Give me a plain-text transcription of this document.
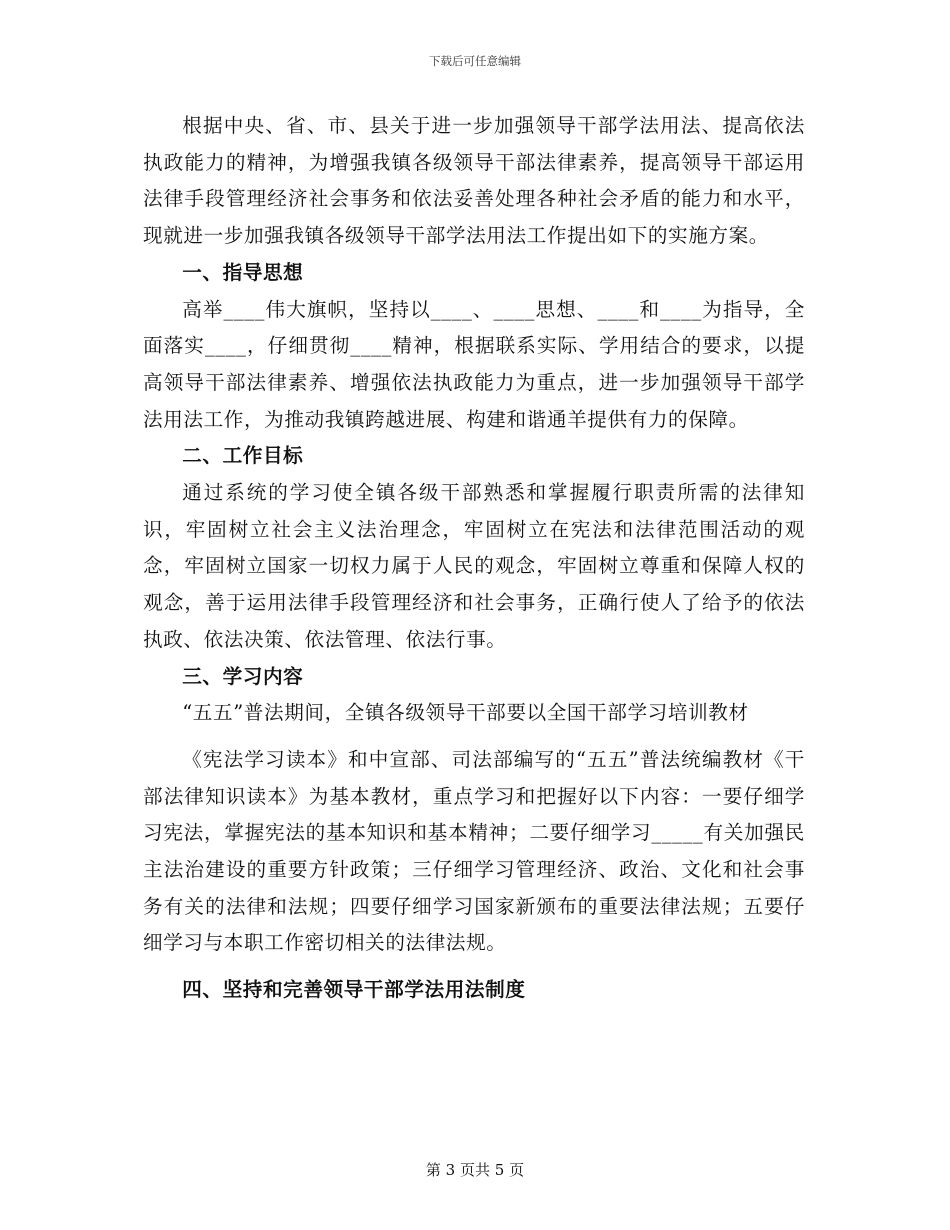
下载后可任意编辑

根据中央、省、市、县关于进一步加强领导干部学法用法、提高依法执政能力的精神，为增强我镇各级领导干部法律素养，提高领导干部运用法律手段管理经济社会事务和依法妥善处理各种社会矛盾的能力和水平，现就进一步加强我镇各级领导干部学法用法工作提出如下的实施方案。

一、指导思想

高举____伟大旗帜，坚持以____、____思想、____和____为指导，全面落实____，仔细贯彻____精神，根据联系实际、学用结合的要求，以提高领导干部法律素养、增强依法执政能力为重点，进一步加强领导干部学法用法工作，为推动我镇跨越进展、构建和谐通羊提供有力的保障。

二、工作目标

通过系统的学习使全镇各级干部熟悉和掌握履行职责所需的法律知识，牢固树立社会主义法治理念，牢固树立在宪法和法律范围活动的观念，牢固树立国家一切权力属于人民的观念，牢固树立尊重和保障人权的观念，善于运用法律手段管理经济和社会事务，正确行使人了给予的依法执政、依法决策、依法管理、依法行事。

三、学习内容

“五五”普法期间，全镇各级领导干部要以全国干部学习培训教材

《宪法学习读本》和中宣部、司法部编写的“五五”普法统编教材《干部法律知识读本》为基本教材，重点学习和把握好以下内容：一要仔细学习宪法，掌握宪法的基本知识和基本精神；二要仔细学习_____有关加强民主法治建设的重要方针政策；三仔细学习管理经济、政治、文化和社会事务有关的法律和法规；四要仔细学习国家新颁布的重要法律法规；五要仔细学习与本职工作密切相关的法律法规。

四、坚持和完善领导干部学法用法制度

第 3 页共 5 页
